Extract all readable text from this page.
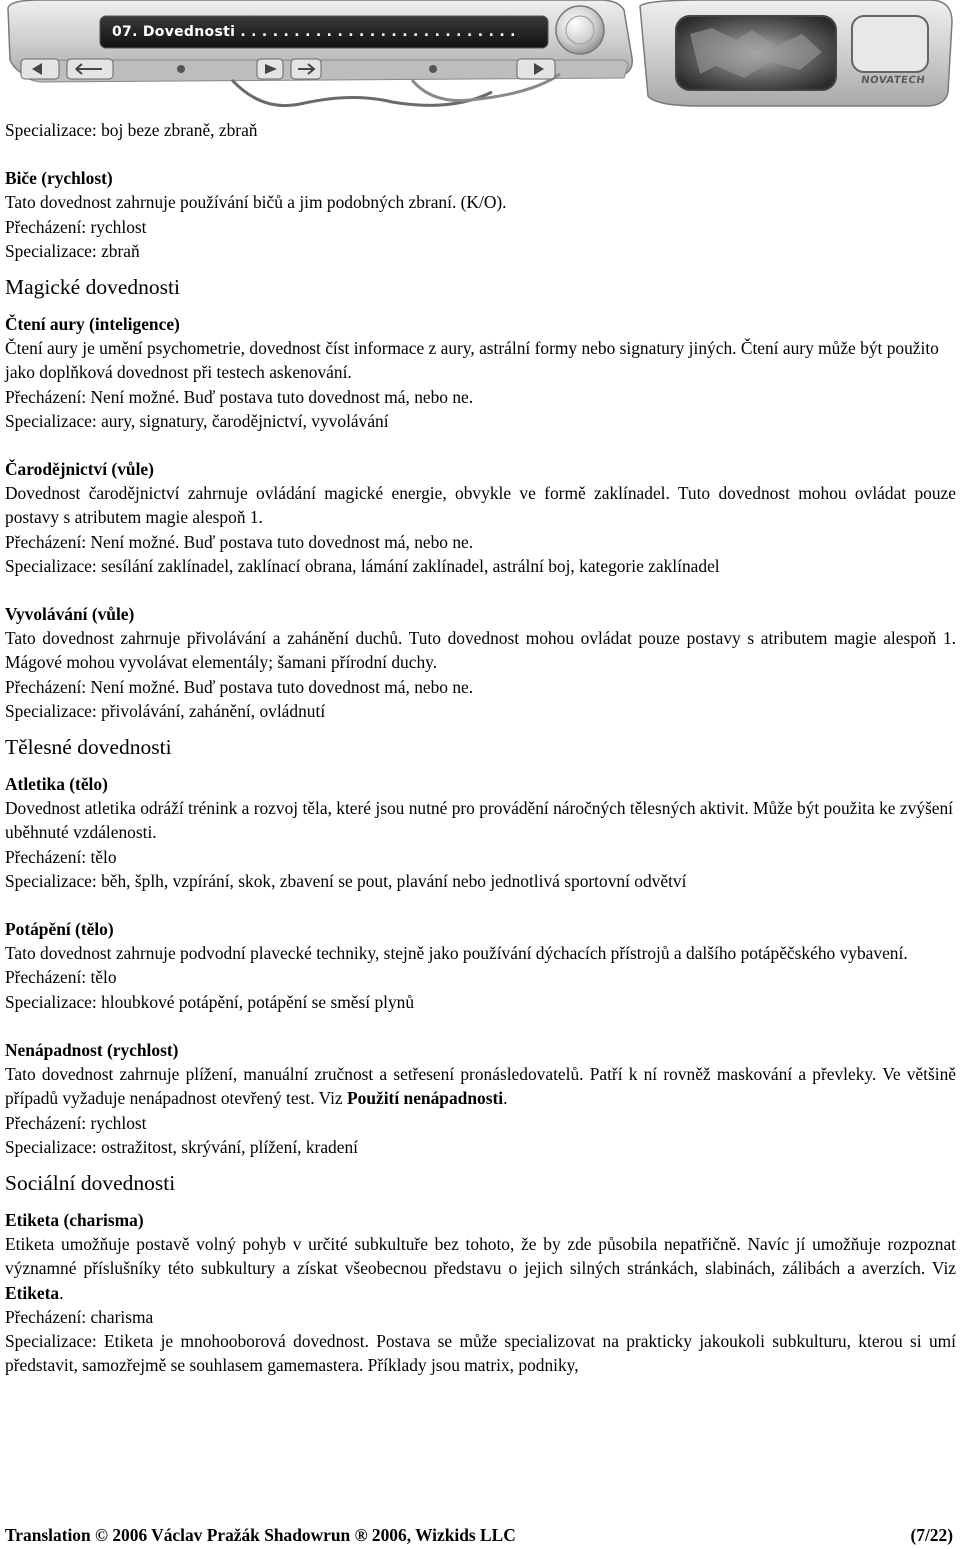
07. Dovednosti . . . . . . . . . . . . . . . . . . . . . . . . . .
NOVATECH

Specializace: boj beze zbraně, zbraň

Biče (rychlost)

Tato dovednost zahrnuje používání bičů a jim podobných zbraní. (K/O).

Přecházení: rychlost

Specializace: zbraň

Magické dovednosti

Čtení aury (inteligence)

Čtení aury je umění psychometrie, dovednost číst informace z aury, astrální formy nebo signatury jiných. Čtení aury může být použito jako doplňková dovednost při testech askenování.

Přecházení: Není možné. Buď postava tuto dovednost má, nebo ne.

Specializace: aury, signatury, čarodějnictví, vyvolávání

Čarodějnictví (vůle)

Dovednost čarodějnictví zahrnuje ovládání magické energie, obvykle ve formě zaklínadel. Tuto dovednost mohou ovládat pouze postavy s atributem magie alespoň 1.

Přecházení: Není možné. Buď postava tuto dovednost má, nebo ne.

Specializace: sesílání zaklínadel, zaklínací obrana, lámání zaklínadel, astrální boj, kategorie zaklínadel

Vyvolávání (vůle)

Tato dovednost zahrnuje přivolávání a zahánění duchů. Tuto dovednost mohou ovládat pouze postavy s atributem magie alespoň 1. Mágové mohou vyvolávat elementály; šamani přírodní duchy.

Přecházení: Není možné. Buď postava tuto dovednost má, nebo ne.

Specializace: přivolávání, zahánění, ovládnutí

Tělesné dovednosti

Atletika (tělo)

Dovednost atletika odráží trénink a rozvoj těla, které jsou nutné pro provádění náročných tělesných aktivit. Může být použita ke zvýšení uběhnuté vzdálenosti.

Přecházení: tělo

Specializace: běh, šplh, vzpírání, skok, zbavení se pout, plavání nebo jednotlivá sportovní odvětví

Potápění (tělo)

Tato dovednost zahrnuje podvodní plavecké techniky, stejně jako používání dýchacích přístrojů a dalšího potápěčského vybavení.

Přecházení: tělo

Specializace: hloubkové potápění, potápění se směsí plynů

Nenápadnost (rychlost)

Tato dovednost zahrnuje plížení, manuální zručnost a setřesení pronásledovatelů. Patří k ní rovněž maskování a převleky. Ve většině případů vyžaduje nenápadnost otevřený test. Viz Použití nenápadnosti.

Přecházení: rychlost

Specializace: ostražitost, skrývání, plížení, kradení

Sociální dovednosti

Etiketa (charisma)

Etiketa umožňuje postavě volný pohyb v určité subkultuře bez tohoto, že by zde působila nepatřičně. Navíc jí umožňuje rozpoznat významné příslušníky této subkultury a získat všeobecnou představu o jejich silných stránkách, slabinách, zálibách a averzích. Viz Etiketa.

Přecházení: charisma

Specializace: Etiketa je mnohooborová dovednost. Postava se může specializovat na prakticky jakoukoli subkulturu, kterou si umí představit, samozřejmě se souhlasem gamemastera. Příklady jsou matrix, podniky,

Translation © 2006 Václav Pražák Shadowrun ® 2006, Wizkids LLC	(7/22)
